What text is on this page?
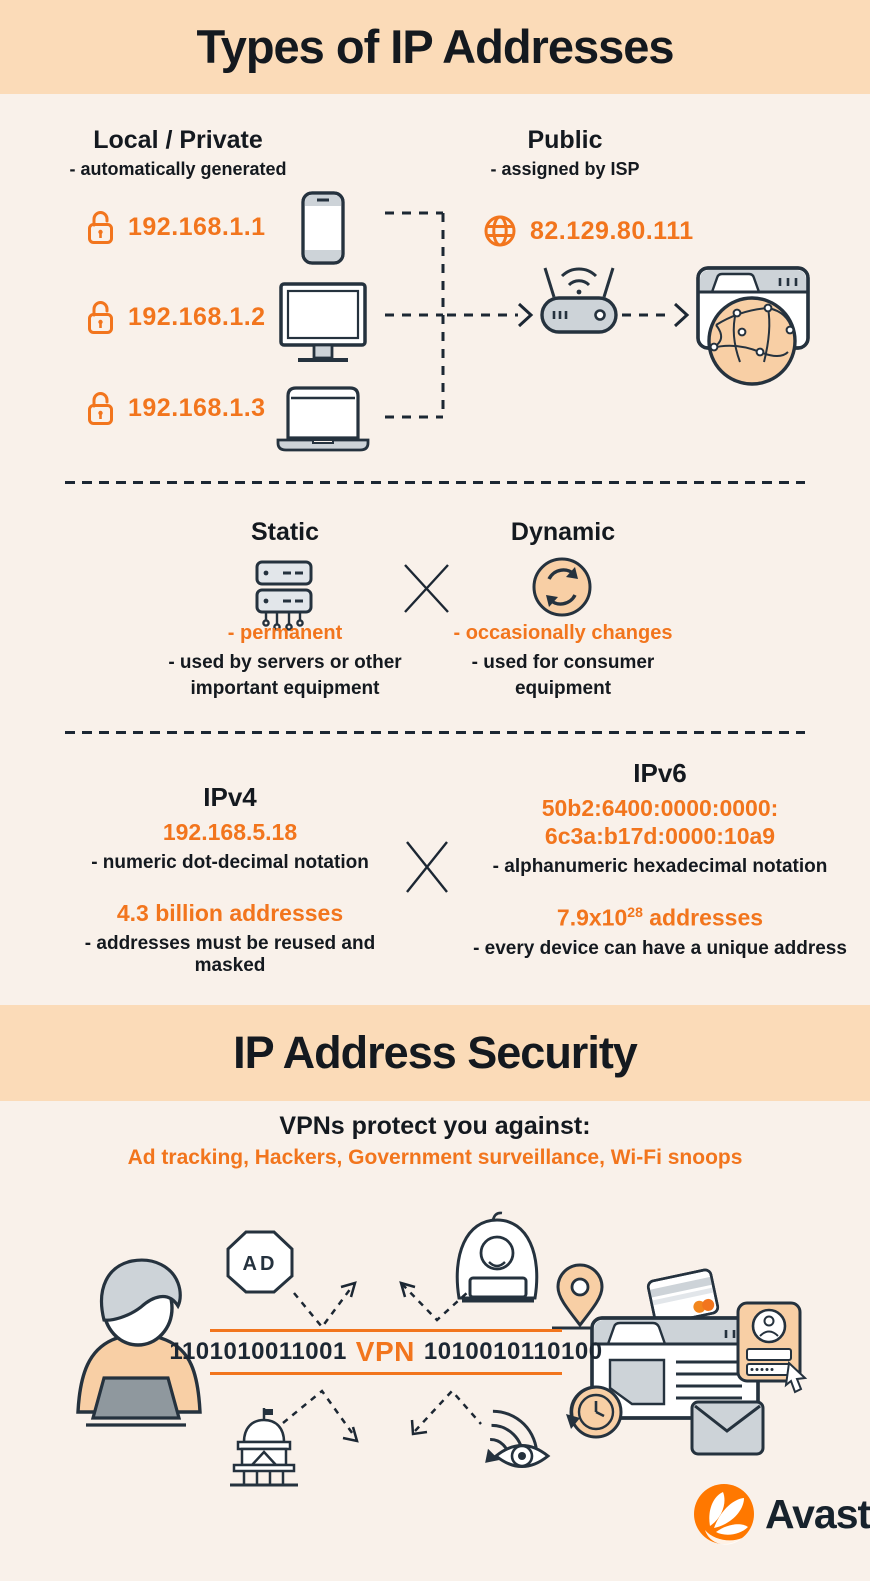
Types of IP Addresses

Local / Private

- automatically generated

Public

- assigned by ISP

192.168.1.1
192.168.1.2
192.168.1.3
82.129.80.111

Static	Dynamic

- permanent

- used by servers or other

important equipment

- occasionally changes

- used for consumer

equipment

IPv4

192.168.5.18

- numeric dot-decimal notation

4.3 billion addresses

- addresses must be reused and masked

IPv6

50b2:6400:0000:0000:

6c3a:b17d:0000:10a9

- alphanumeric hexadecimal notation

$7.9x10^{28}$ addresses

- every device can have a unique address

IP Address Security
VPNs protect you against:
Ad tracking, Hackers, Government surveillance, Wi-Fi snoops
AD
1101010011001 VPN 1010010110100
Avast
